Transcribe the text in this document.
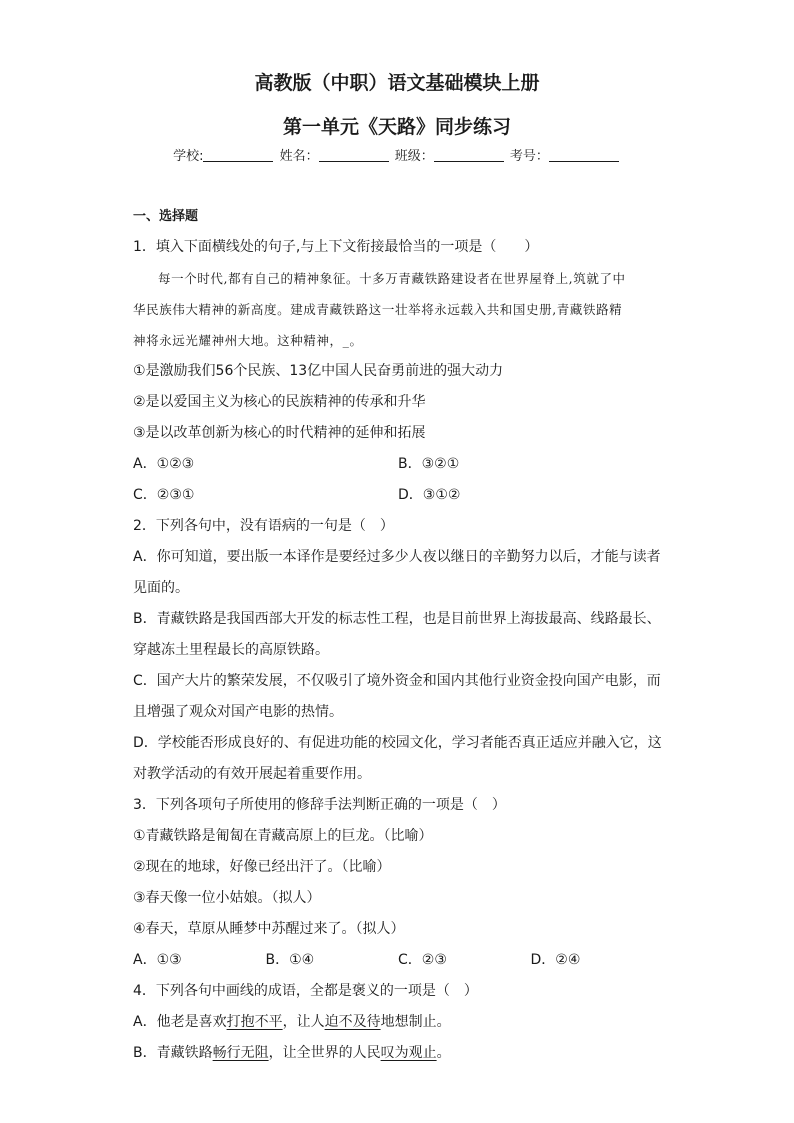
高教版（中职）语文基础模块上册
第一单元《天路》同步练习
学校:	姓名：	班级：	考号：
一、选择题
1．填入下面横线处的句子,与上下文衔接最恰当的一项是（　　）
每一个时代,都有自己的精神象征。十多万青藏铁路建设者在世界屋脊上,筑就了中
华民族伟大精神的新高度。建成青藏铁路这一壮举将永远载入共和国史册,青藏铁路精
神将永远光耀神州大地。这种精神，_。
①是激励我们56个民族、13亿中国人民奋勇前进的强大动力
②是以爱国主义为核心的民族精神的传承和升华
③是以改革创新为核心的时代精神的延伸和拓展
A．①②③	B．③②①
C．②③①	D．③①②
2．下列各句中，没有语病的一句是（　）
A．你可知道，要出版一本译作是要经过多少人夜以继日的辛勤努力以后，才能与读者见面的。
B．青藏铁路是我国西部大开发的标志性工程，也是目前世界上海拔最高、线路最长、穿越冻土里程最长的高原铁路。
C．国产大片的繁荣发展，不仅吸引了境外资金和国内其他行业资金投向国产电影，而且增强了观众对国产电影的热情。
D．学校能否形成良好的、有促进功能的校园文化，学习者能否真正适应并融入它，这对教学活动的有效开展起着重要作用。
3．下列各项句子所使用的修辞手法判断正确的一项是（　）
①青藏铁路是匍匐在青藏高原上的巨龙。（比喻）
②现在的地球，好像已经出汗了。（比喻）
③春天像一位小姑娘。（拟人）
④春天，草原从睡梦中苏醒过来了。（拟人）
A．①③	B．①④	C．②③	D．②④
4．下列各句中画线的成语，全都是褒义的一项是（　）
A．他老是喜欢打抱不平，让人迫不及待地想制止。
B．青藏铁路畅行无阻，让全世界的人民叹为观止。
